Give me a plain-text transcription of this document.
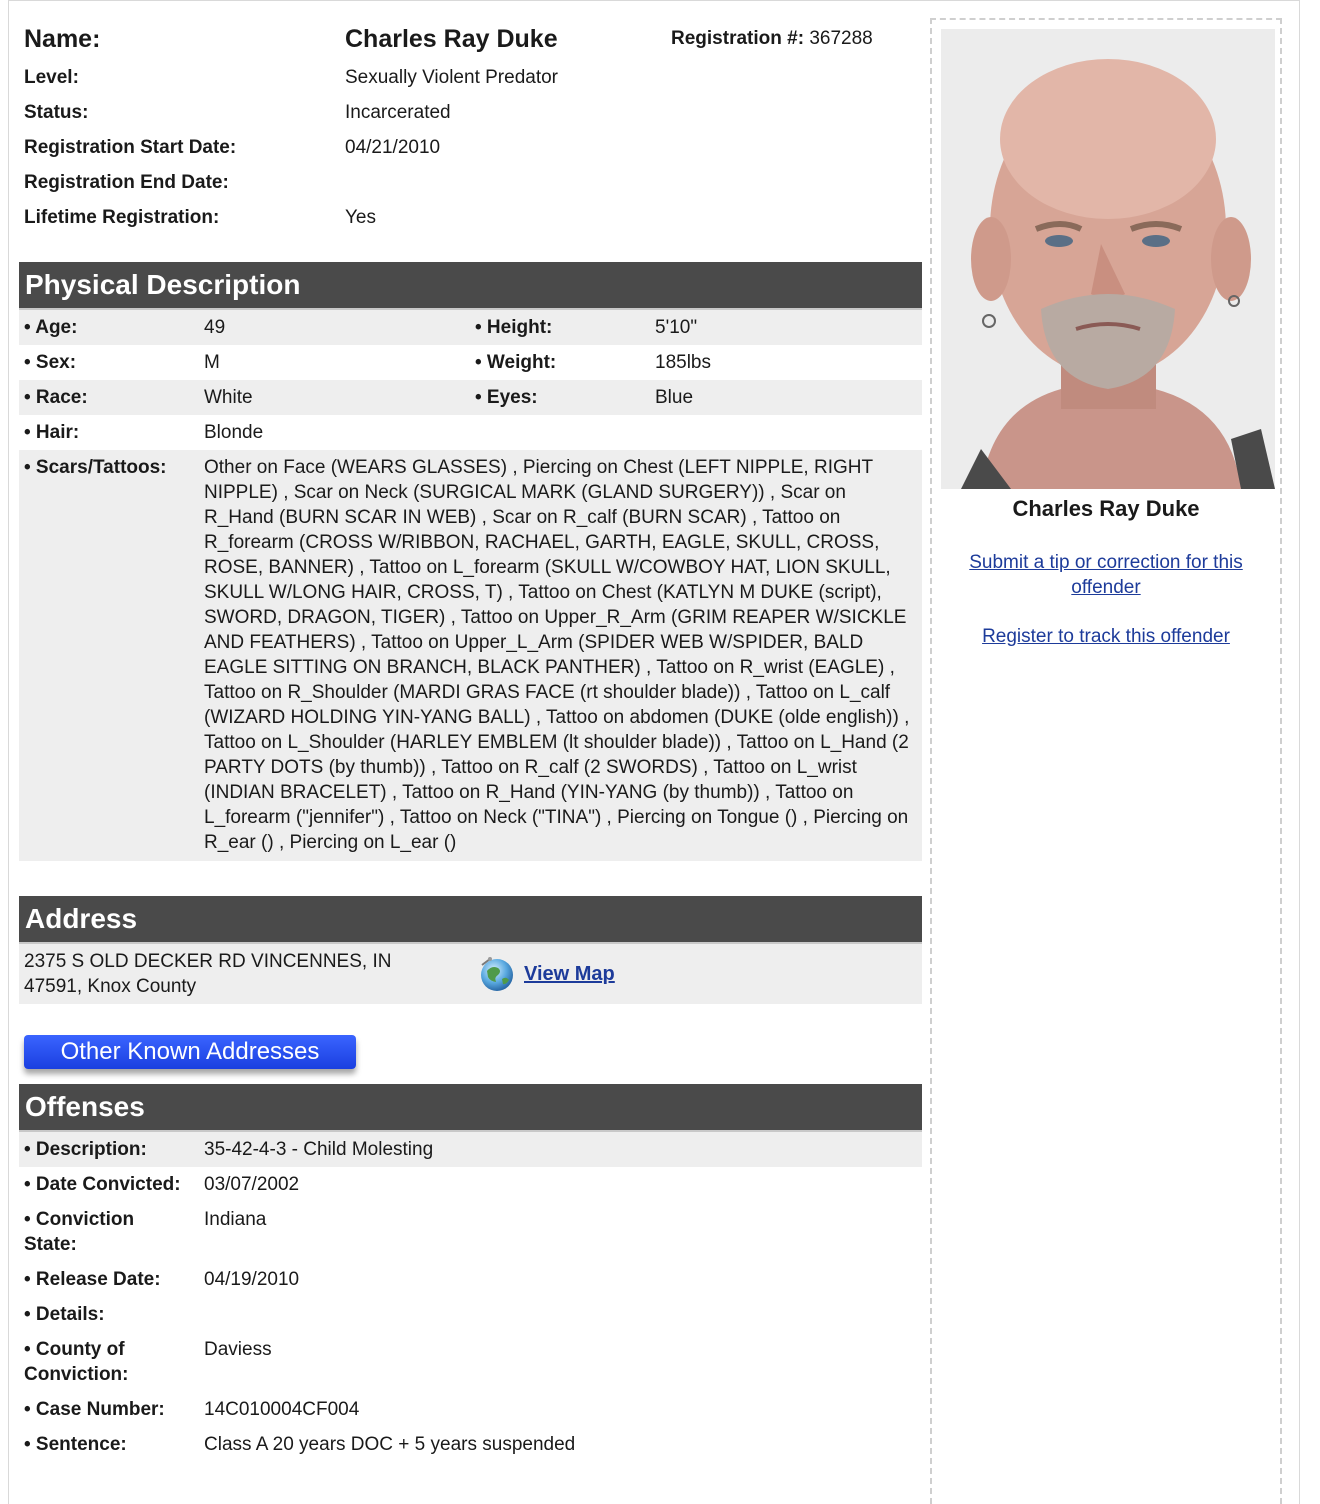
Name:	Charles Ray Duke	Registration #: 367288
Level:	Sexually Violent Predator
Status:	Incarcerated
Registration Start Date:	04/21/2010
Registration End Date:
Lifetime Registration:	Yes
Physical Description
• Age:	49	• Height:	5'10"
• Sex:	M	• Weight:	185lbs
• Race:	White	• Eyes:	Blue
• Hair:	Blonde
• Scars/Tattoos:	Other on Face (WEARS GLASSES) , Piercing on Chest (LEFT NIPPLE, RIGHT NIPPLE) , Scar on Neck (SURGICAL MARK (GLAND SURGERY)) , Scar on R_Hand (BURN SCAR IN WEB) , Scar on R_calf (BURN SCAR) , Tattoo on R_forearm (CROSS W/RIBBON, RACHAEL, GARTH, EAGLE, SKULL, CROSS, ROSE, BANNER) , Tattoo on L_forearm (SKULL W/COWBOY HAT, LION SKULL, SKULL W/LONG HAIR, CROSS, T) , Tattoo on Chest (KATLYN M DUKE (script), SWORD, DRAGON, TIGER) , Tattoo on Upper_R_Arm (GRIM REAPER W/SICKLE AND FEATHERS) , Tattoo on Upper_L_Arm (SPIDER WEB W/SPIDER, BALD EAGLE SITTING ON BRANCH, BLACK PANTHER) , Tattoo on R_wrist (EAGLE) , Tattoo on R_Shoulder (MARDI GRAS FACE (rt shoulder blade)) , Tattoo on L_calf (WIZARD HOLDING YIN-YANG BALL) , Tattoo on abdomen (DUKE (olde english)) , Tattoo on L_Shoulder (HARLEY EMBLEM (lt shoulder blade)) , Tattoo on L_Hand (2 PARTY DOTS (by thumb)) , Tattoo on R_calf (2 SWORDS) , Tattoo on L_wrist (INDIAN BRACELET) , Tattoo on R_Hand (YIN-YANG (by thumb)) , Tattoo on L_forearm ("jennifer") , Tattoo on Neck ("TINA") , Piercing on Tongue () , Piercing on R_ear () , Piercing on L_ear ()
Address
2375 S OLD DECKER RD VINCENNES, IN
47591, Knox County
View Map
Offenses
• Description:	35-42-4-3 - Child Molesting
• Date Convicted:	03/07/2002
• Conviction State:
Indiana
• Release Date:	04/19/2010
• Details:
• County of Conviction:
Daviess
• Case Number:	14C010004CF004
• Sentence:	Class A 20 years DOC + 5 years suspended
Other Known Addresses
Charles Ray Duke
Submit a tip or correction for this offender
Register to track this offender
